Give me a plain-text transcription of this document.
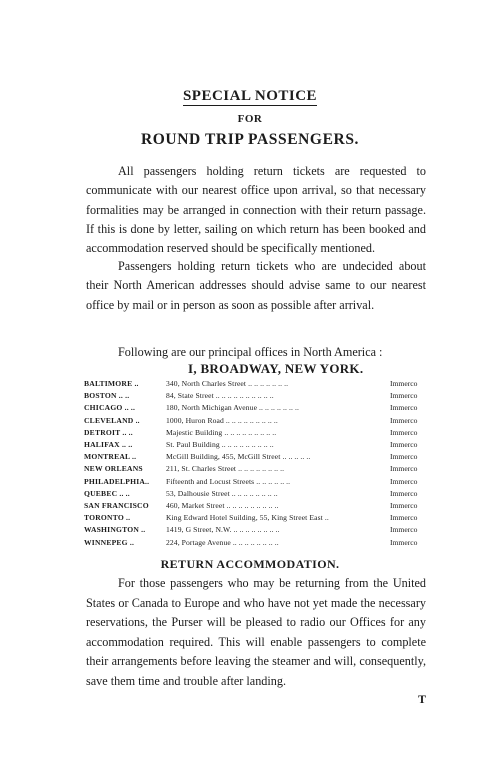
SPECIAL NOTICE
FOR
ROUND TRIP PASSENGERS.

All passengers holding return tickets are requested to communicate with our nearest office upon arrival, so that necessary formalities may be arranged in connection with their return passage. If this is done by letter, sailing on which return has been booked and accommodation reserved should be specifically mentioned.

Passengers holding return tickets who are undecided about their North American addresses should advise same to our nearest office by mail or in person as soon as possible after arrival.

Following are our principal offices in North America :

I, BROADWAY, NEW YORK.
BALTIMORE ..	340, North Charles Street .. .. .. .. .. .. ..	Immerco
BOSTON .. ..	84, State Street .. .. .. .. .. .. .. .. .. ..	Immerco
CHICAGO .. ..	180, North Michigan Avenue .. .. .. .. .. .. ..	Immerco
CLEVELAND ..	1000, Huron Road .. .. .. .. .. .. .. .. ..	Immerco
DETROIT .. ..	Majestic Building .. .. .. .. .. .. .. .. ..	Immerco
HALIFAX .. ..	St. Paul Building .. .. .. .. .. .. .. .. ..	Immerco
MONTREAL ..	McGill Building, 455, McGill Street .. .. .. .. ..	Immerco
NEW ORLEANS	211, St. Charles Street .. .. .. .. .. .. .. ..	Immerco
PHILADELPHIA..	Fifteenth and Locust Streets .. .. .. .. .. ..	Immerco
QUEBEC .. ..	53, Dalhousie Street .. .. .. .. .. .. .. ..	Immerco
SAN FRANCISCO	460, Market Street .. .. .. .. .. .. .. .. ..	Immerco
TORONTO ..	King Edward Hotel Suilding, 55, King Street East ..	Immerco
WASHINGTON ..	1419, G Street, N.W. .. .. .. .. .. .. .. ..	Immerco
WINNEPEG ..	224, Portage Avenue .. .. .. .. .. .. .. ..	Immerco
RETURN ACCOMMODATION.

For those passengers who may be returning from the United States or Canada to Europe and who have not yet made the necessary reservations, the Purser will be pleased to radio our Offices for any accommodation required. This will enable passengers to complete their arrangements before leaving the steamer and will, consequently, save them time and trouble after landing.

T
